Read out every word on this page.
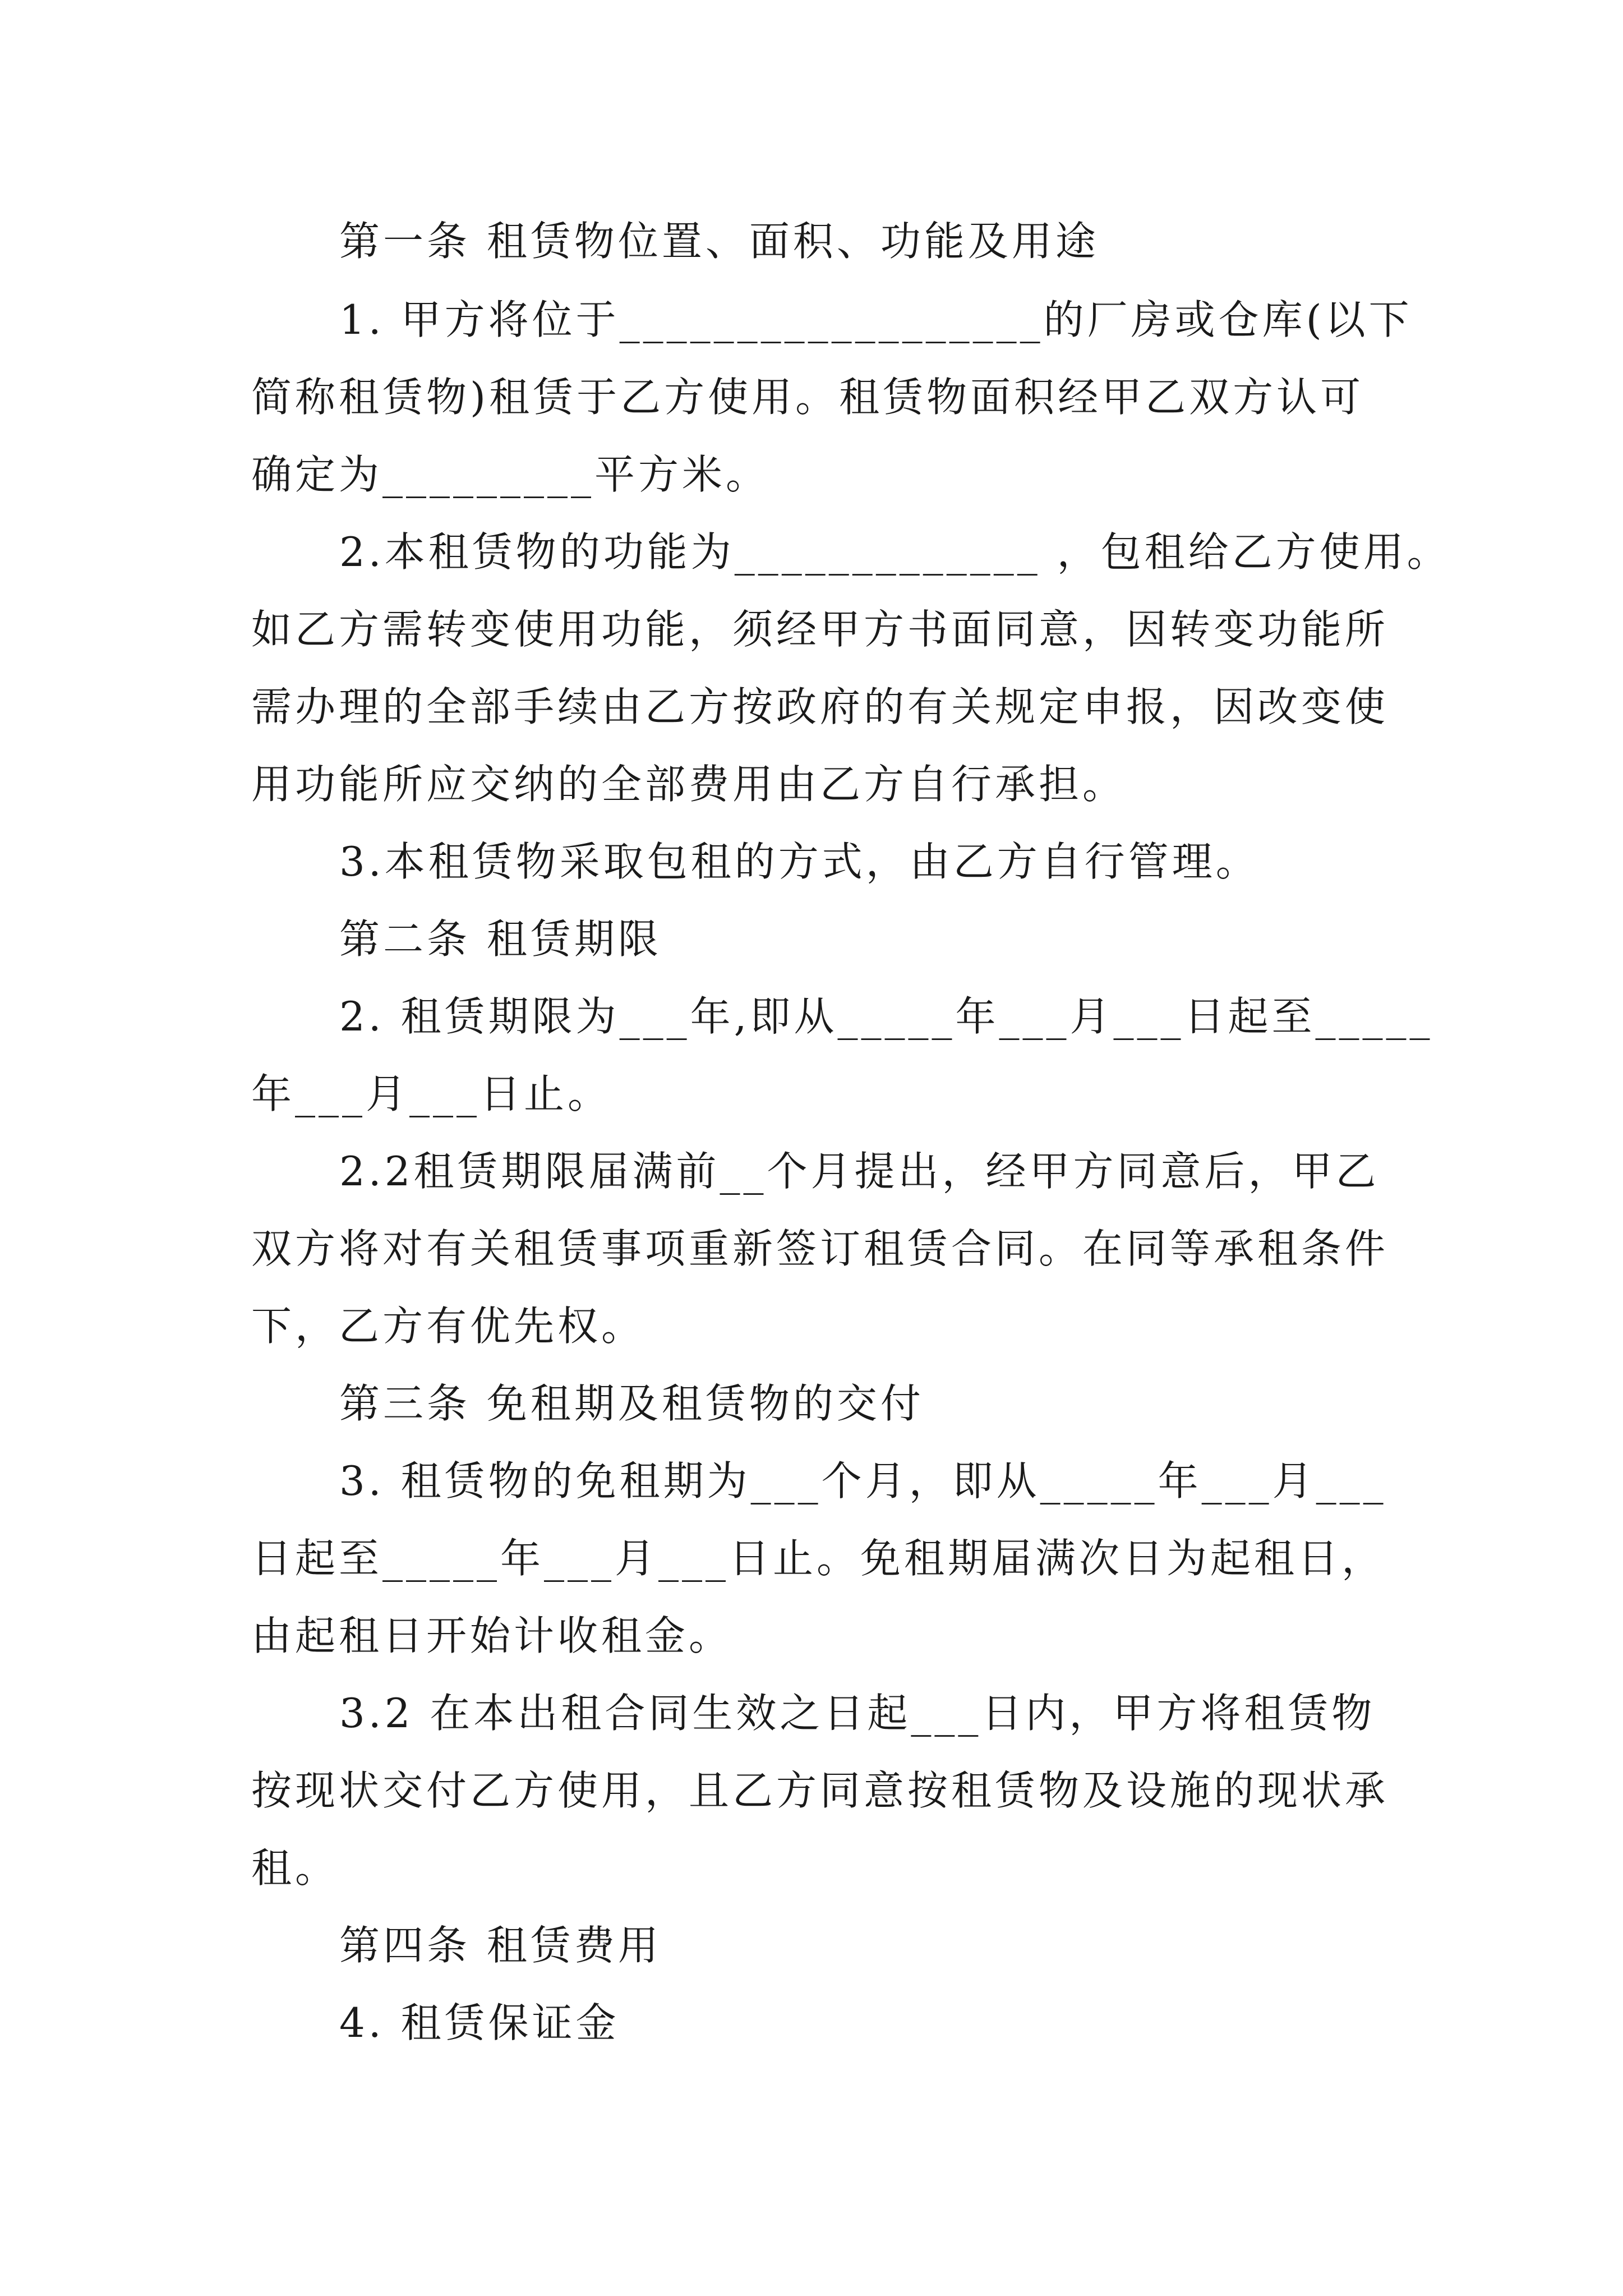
第一条 租赁物位置、面积、功能及用途
1. 甲方将位于__________________的厂房或仓库(以下
简称租赁物)租赁于乙方使用。租赁物面积经甲乙双方认可
确定为_________平方米。
2.本租赁物的功能为_____________ ，包租给乙方使用。
如乙方需转变使用功能，须经甲方书面同意，因转变功能所
需办理的全部手续由乙方按政府的有关规定申报，因改变使
用功能所应交纳的全部费用由乙方自行承担。
3.本租赁物采取包租的方式，由乙方自行管理。
第二条 租赁期限
2. 租赁期限为___年,即从_____年___月___日起至_____
年___月___日止。
2.2租赁期限届满前__个月提出，经甲方同意后，甲乙
双方将对有关租赁事项重新签订租赁合同。在同等承租条件
下，乙方有优先权。
第三条 免租期及租赁物的交付
3. 租赁物的免租期为___个月，即从_____年___月___
日起至_____年___月___日止。免租期届满次日为起租日，
由起租日开始计收租金。
3.2 在本出租合同生效之日起___日内，甲方将租赁物
按现状交付乙方使用，且乙方同意按租赁物及设施的现状承
租。
第四条 租赁费用
4. 租赁保证金
